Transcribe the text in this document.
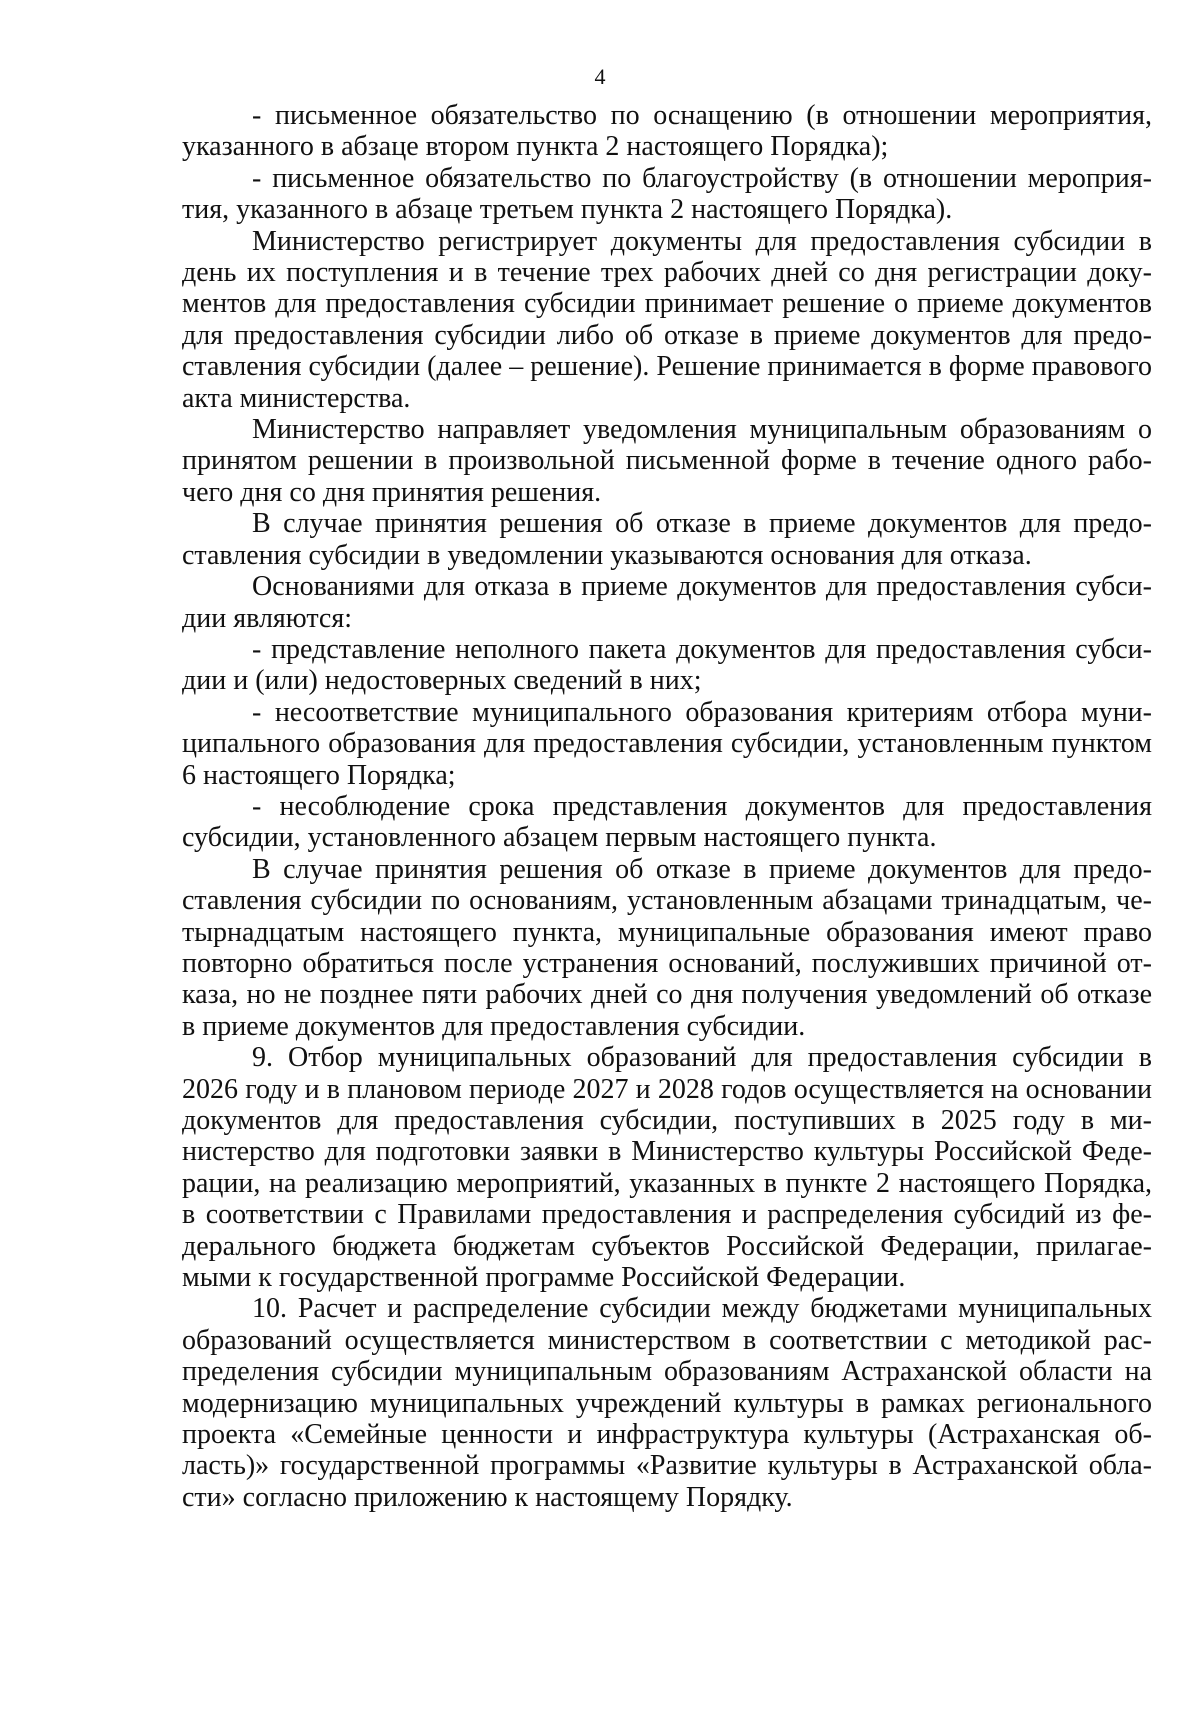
4

- письменное обязательство по оснащению (в отношении мероприятия, указанного в абзаце втором пункта 2 настоящего Порядка);

- письменное обязательство по благоустройству (в отношении мероприятия, указанного в абзаце третьем пункта 2 настоящего Порядка).

Министерство регистрирует документы для предоставления субсидии в день их поступления и в течение трех рабочих дней со дня регистрации документов для предоставления субсидии принимает решение о приеме документов для предоставления субсидии либо об отказе в приеме документов для предоставления субсидии (далее – решение). Решение принимается в форме правового акта министерства.

Министерство направляет уведомления муниципальным образованиям о принятом решении в произвольной письменной форме в течение одного рабочего дня со дня принятия решения.

В случае принятия решения об отказе в приеме документов для предоставления субсидии в уведомлении указываются основания для отказа.

Основаниями для отказа в приеме документов для предоставления субсидии являются:

- представление неполного пакета документов для предоставления субсидии и (или) недостоверных сведений в них;

- несоответствие муниципального образования критериям отбора муниципального образования для предоставления субсидии, установленным пунктом 6 настоящего Порядка;

- несоблюдение срока представления документов для предоставления субсидии, установленного абзацем первым настоящего пункта.

В случае принятия решения об отказе в приеме документов для предоставления субсидии по основаниям, установленным абзацами тринадцатым, четырнадцатым настоящего пункта, муниципальные образования имеют право повторно обратиться после устранения оснований, послуживших причиной отказа, но не позднее пяти рабочих дней со дня получения уведомлений об отказе в приеме документов для предоставления субсидии.

9. Отбор муниципальных образований для предоставления субсидии в 2026 году и в плановом периоде 2027 и 2028 годов осуществляется на основании документов для предоставления субсидии, поступивших в 2025 году в министерство для подготовки заявки в Министерство культуры Российской Федерации, на реализацию мероприятий, указанных в пункте 2 настоящего Порядка, в соответствии с Правилами предоставления и распределения субсидий из федерального бюджета бюджетам субъектов Российской Федерации, прилагаемыми к государственной программе Российской Федерации.

10. Расчет и распределение субсидии между бюджетами муниципальных образований осуществляется министерством в соответствии с методикой распределения субсидии муниципальным образованиям Астраханской области на модернизацию муниципальных учреждений культуры в рамках регионального проекта «Семейные ценности и инфраструктура культуры (Астраханская область)» государственной программы «Развитие культуры в Астраханской области» согласно приложению к настоящему Порядку.
